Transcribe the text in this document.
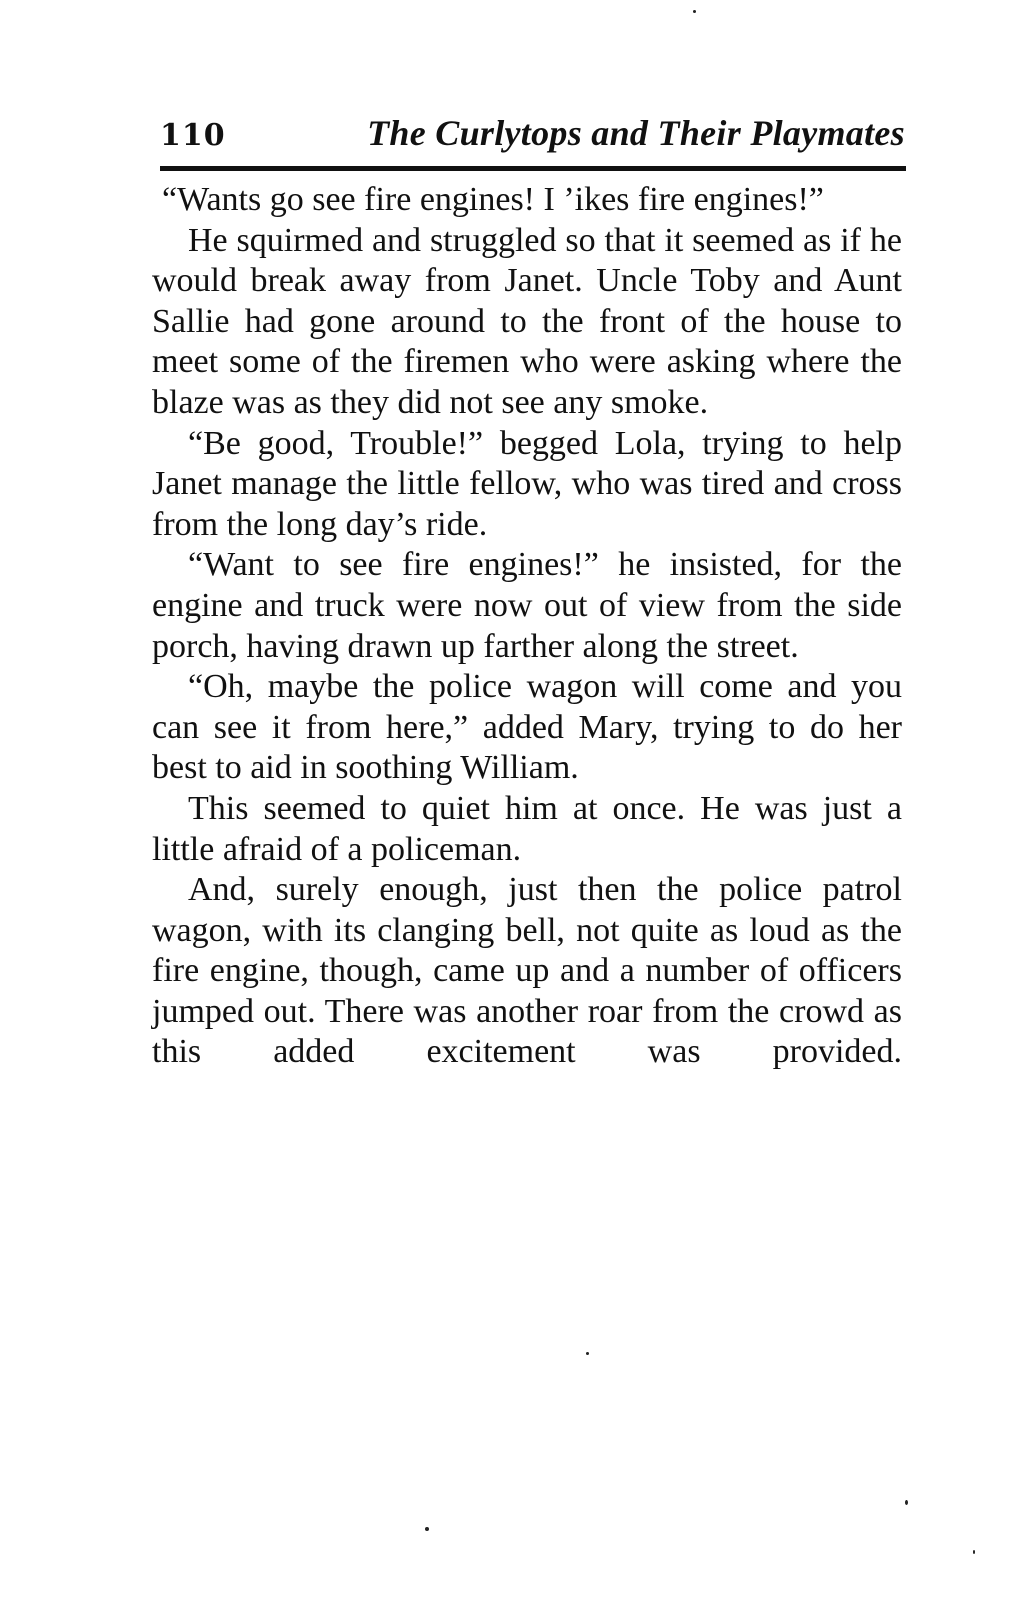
110	The Curlytops and Their Playmates

“Wants go see fire engines! I ’ikes fire engines!”

He squirmed and struggled so that it seemed as if he would break away from Janet. Uncle Toby and Aunt Sallie had gone around to the front of the house to meet some of the firemen who were asking where the blaze was as they did not see any smoke.

“Be good, Trouble!” begged Lola, trying to help Janet manage the little fellow, who was tired and cross from the long day’s ride.

“Want to see fire engines!” he insisted, for the engine and truck were now out of view from the side porch, having drawn up farther along the street.

“Oh, maybe the police wagon will come and you can see it from here,” added Mary, trying to do her best to aid in soothing William.

This seemed to quiet him at once. He was just a little afraid of a policeman.

And, surely enough, just then the police patrol wagon, with its clanging bell, not quite as loud as the fire engine, though, came up and a number of officers jumped out. There was another roar from the crowd as this added excitement was provided.
